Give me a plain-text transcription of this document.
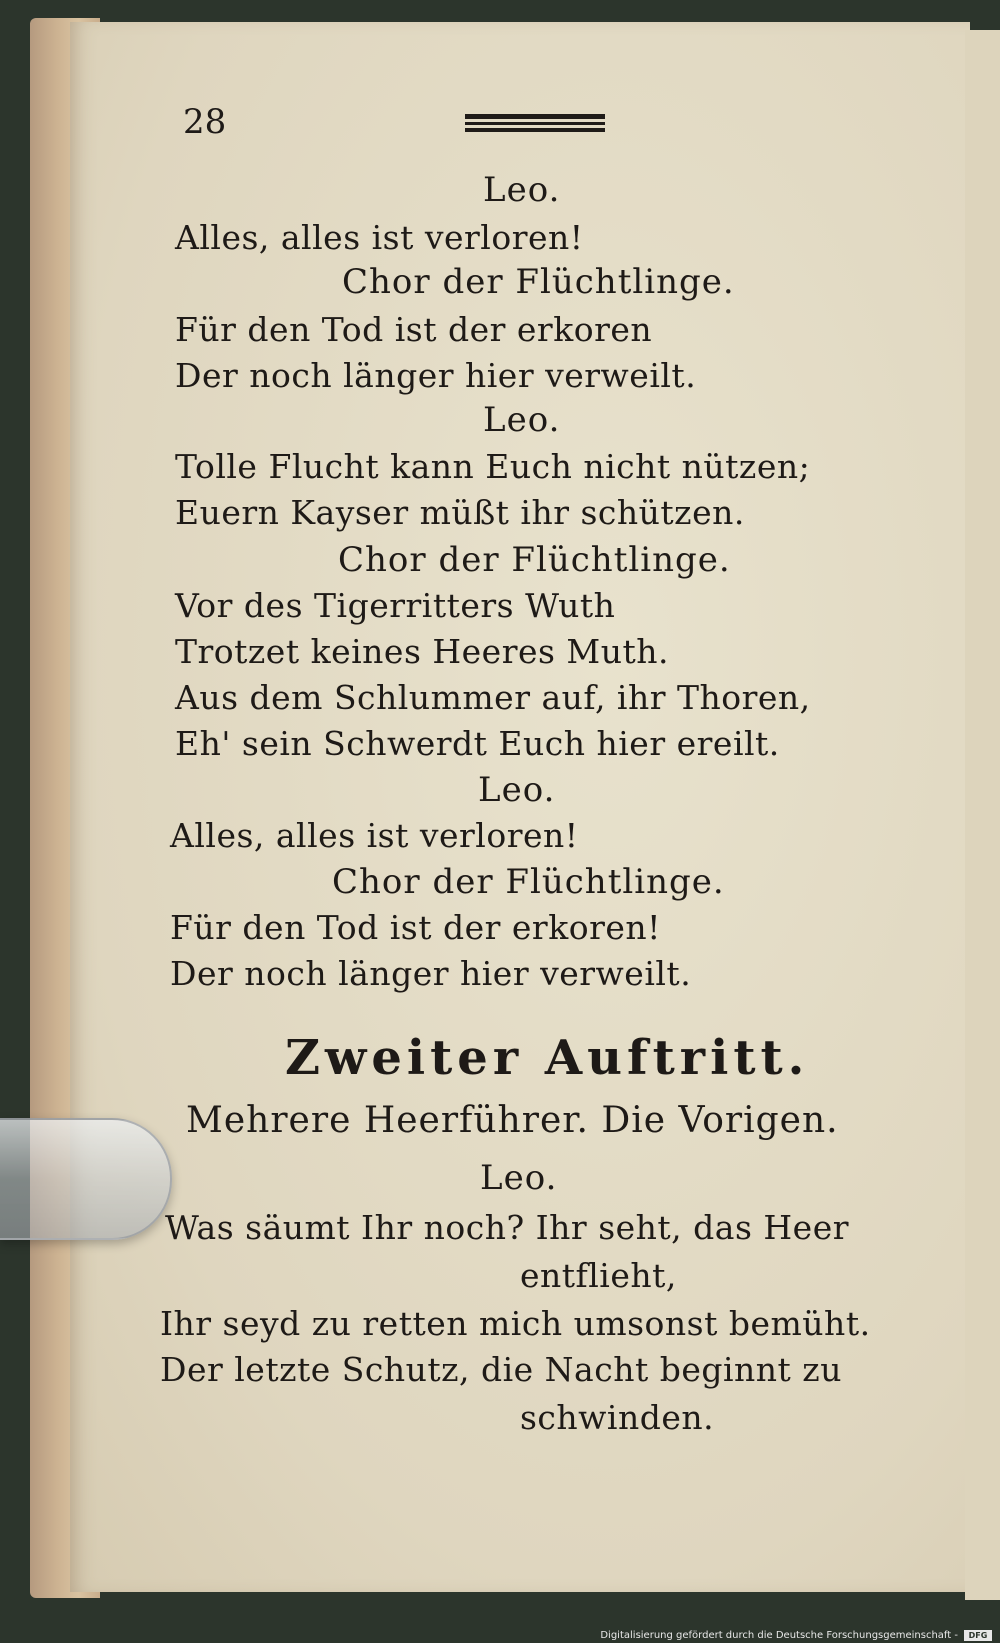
28
Leo.
Alles, alles ist verloren!
Chor der Flüchtlinge.
Für den Tod ist der erkoren
Der noch länger hier verweilt.
Leo.
Tolle Flucht kann Euch nicht nützen;
Euern Kayser müßt ihr schützen.
Chor der Flüchtlinge.
Vor des Tigerritters Wuth
Trotzet keines Heeres Muth.
Aus dem Schlummer auf, ihr Thoren,
Eh' sein Schwerdt Euch hier ereilt.
Leo.
Alles, alles ist verloren!
Chor der Flüchtlinge.
Für den Tod ist der erkoren!
Der noch länger hier verweilt.
Zweiter Auftritt.
Mehrere Heerführer. Die Vorigen.
Leo.
Was säumt Ihr noch? Ihr seht, das Heer
entflieht,
Ihr seyd zu retten mich umsonst bemüht.
Der letzte Schutz, die Nacht beginnt zu
schwinden.
Digitalisierung gefördert durch die Deutsche Forschungsgemeinschaft -	DFG
